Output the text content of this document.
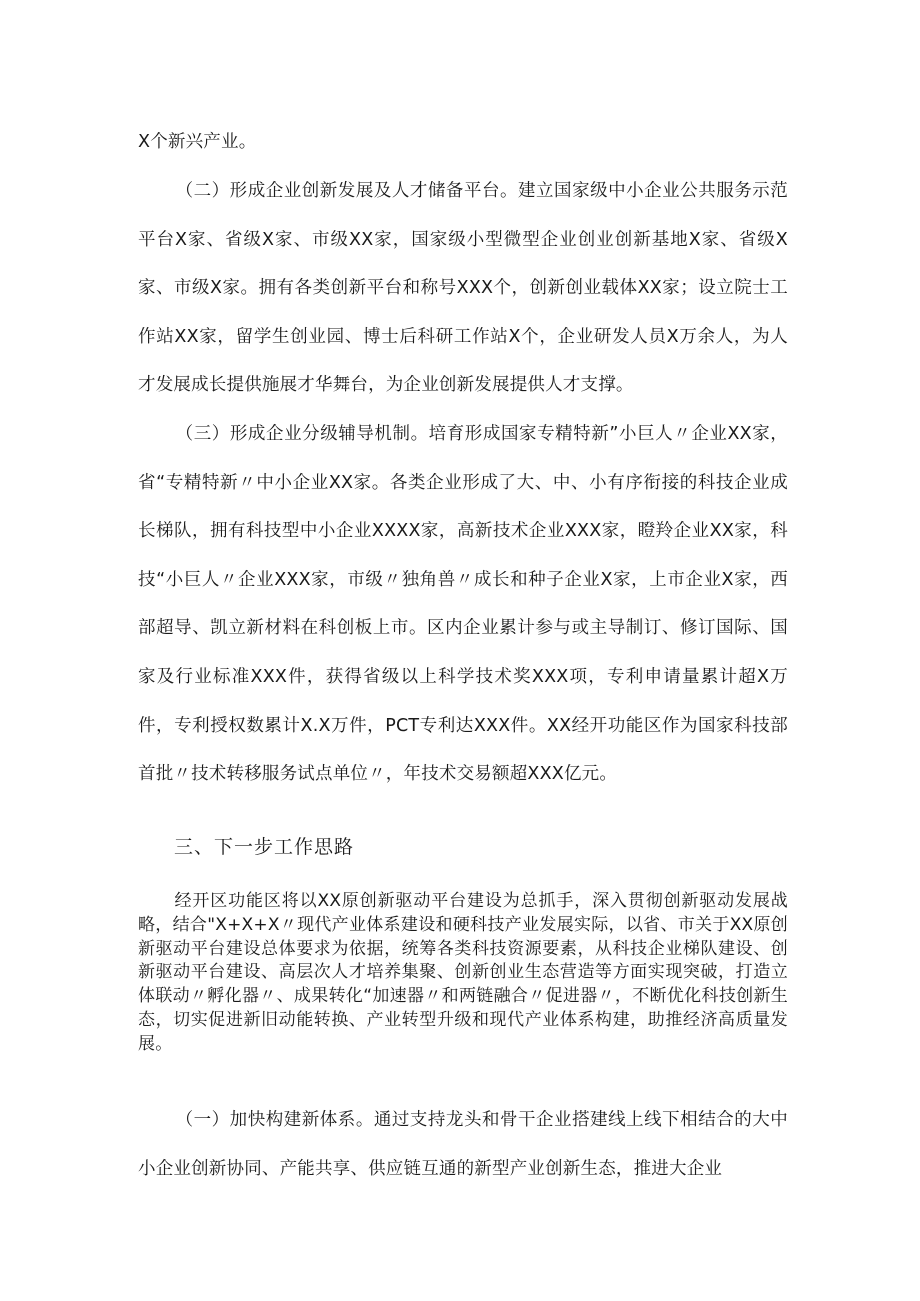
X个新兴产业。

（二）形成企业创新发展及人才储备平台。建立国家级中小企业公共服务示范平台X家、省级X家、市级XX家，国家级小型微型企业创业创新基地X家、省级X家、市级X家。拥有各类创新平台和称号XXX个，创新创业载体XX家；设立院士工作站XX家，留学生创业园、博士后科研工作站X个，企业研发人员X万余人，为人才发展成长提供施展才华舞台，为企业创新发展提供人才支撑。

（三）形成企业分级辅导机制。培育形成国家专精特新”小巨人〃企业XX家，省“专精特新〃中小企业XX家。各类企业形成了大、中、小有序衔接的科技企业成长梯队，拥有科技型中小企业XXXX家，高新技术企业XXX家，瞪羚企业XX家，科技“小巨人〃企业XXX家，市级〃独角兽〃成长和种子企业X家，上市企业X家，西部超导、凯立新材料在科创板上市。区内企业累计参与或主导制订、修订国际、国家及行业标准XXX件，获得省级以上科学技术奖XXX项，专利申请量累计超X万件，专利授权数累计X.X万件，PCT专利达XXX件。XX经开功能区作为国家科技部首批〃技术转移服务试点单位〃，年技术交易额超XXX亿元。

三、下一步工作思路

经开区功能区将以XX原创新驱动平台建设为总抓手，深入贯彻创新驱动发展战略，结合"X+X+X〃现代产业体系建设和硬科技产业发展实际，以省、市关于XX原创新驱动平台建设总体要求为依据，统筹各类科技资源要素，从科技企业梯队建设、创新驱动平台建设、高层次人才培养集聚、创新创业生态营造等方面实现突破，打造立体联动〃孵化器〃、成果转化“加速器〃和两链融合〃促进器〃，不断优化科技创新生态，切实促进新旧动能转换、产业转型升级和现代产业体系构建，助推经济高质量发展。

（一）加快构建新体系。通过支持龙头和骨干企业搭建线上线下相结合的大中小企业创新协同、产能共享、供应链互通的新型产业创新生态，推进大企业
